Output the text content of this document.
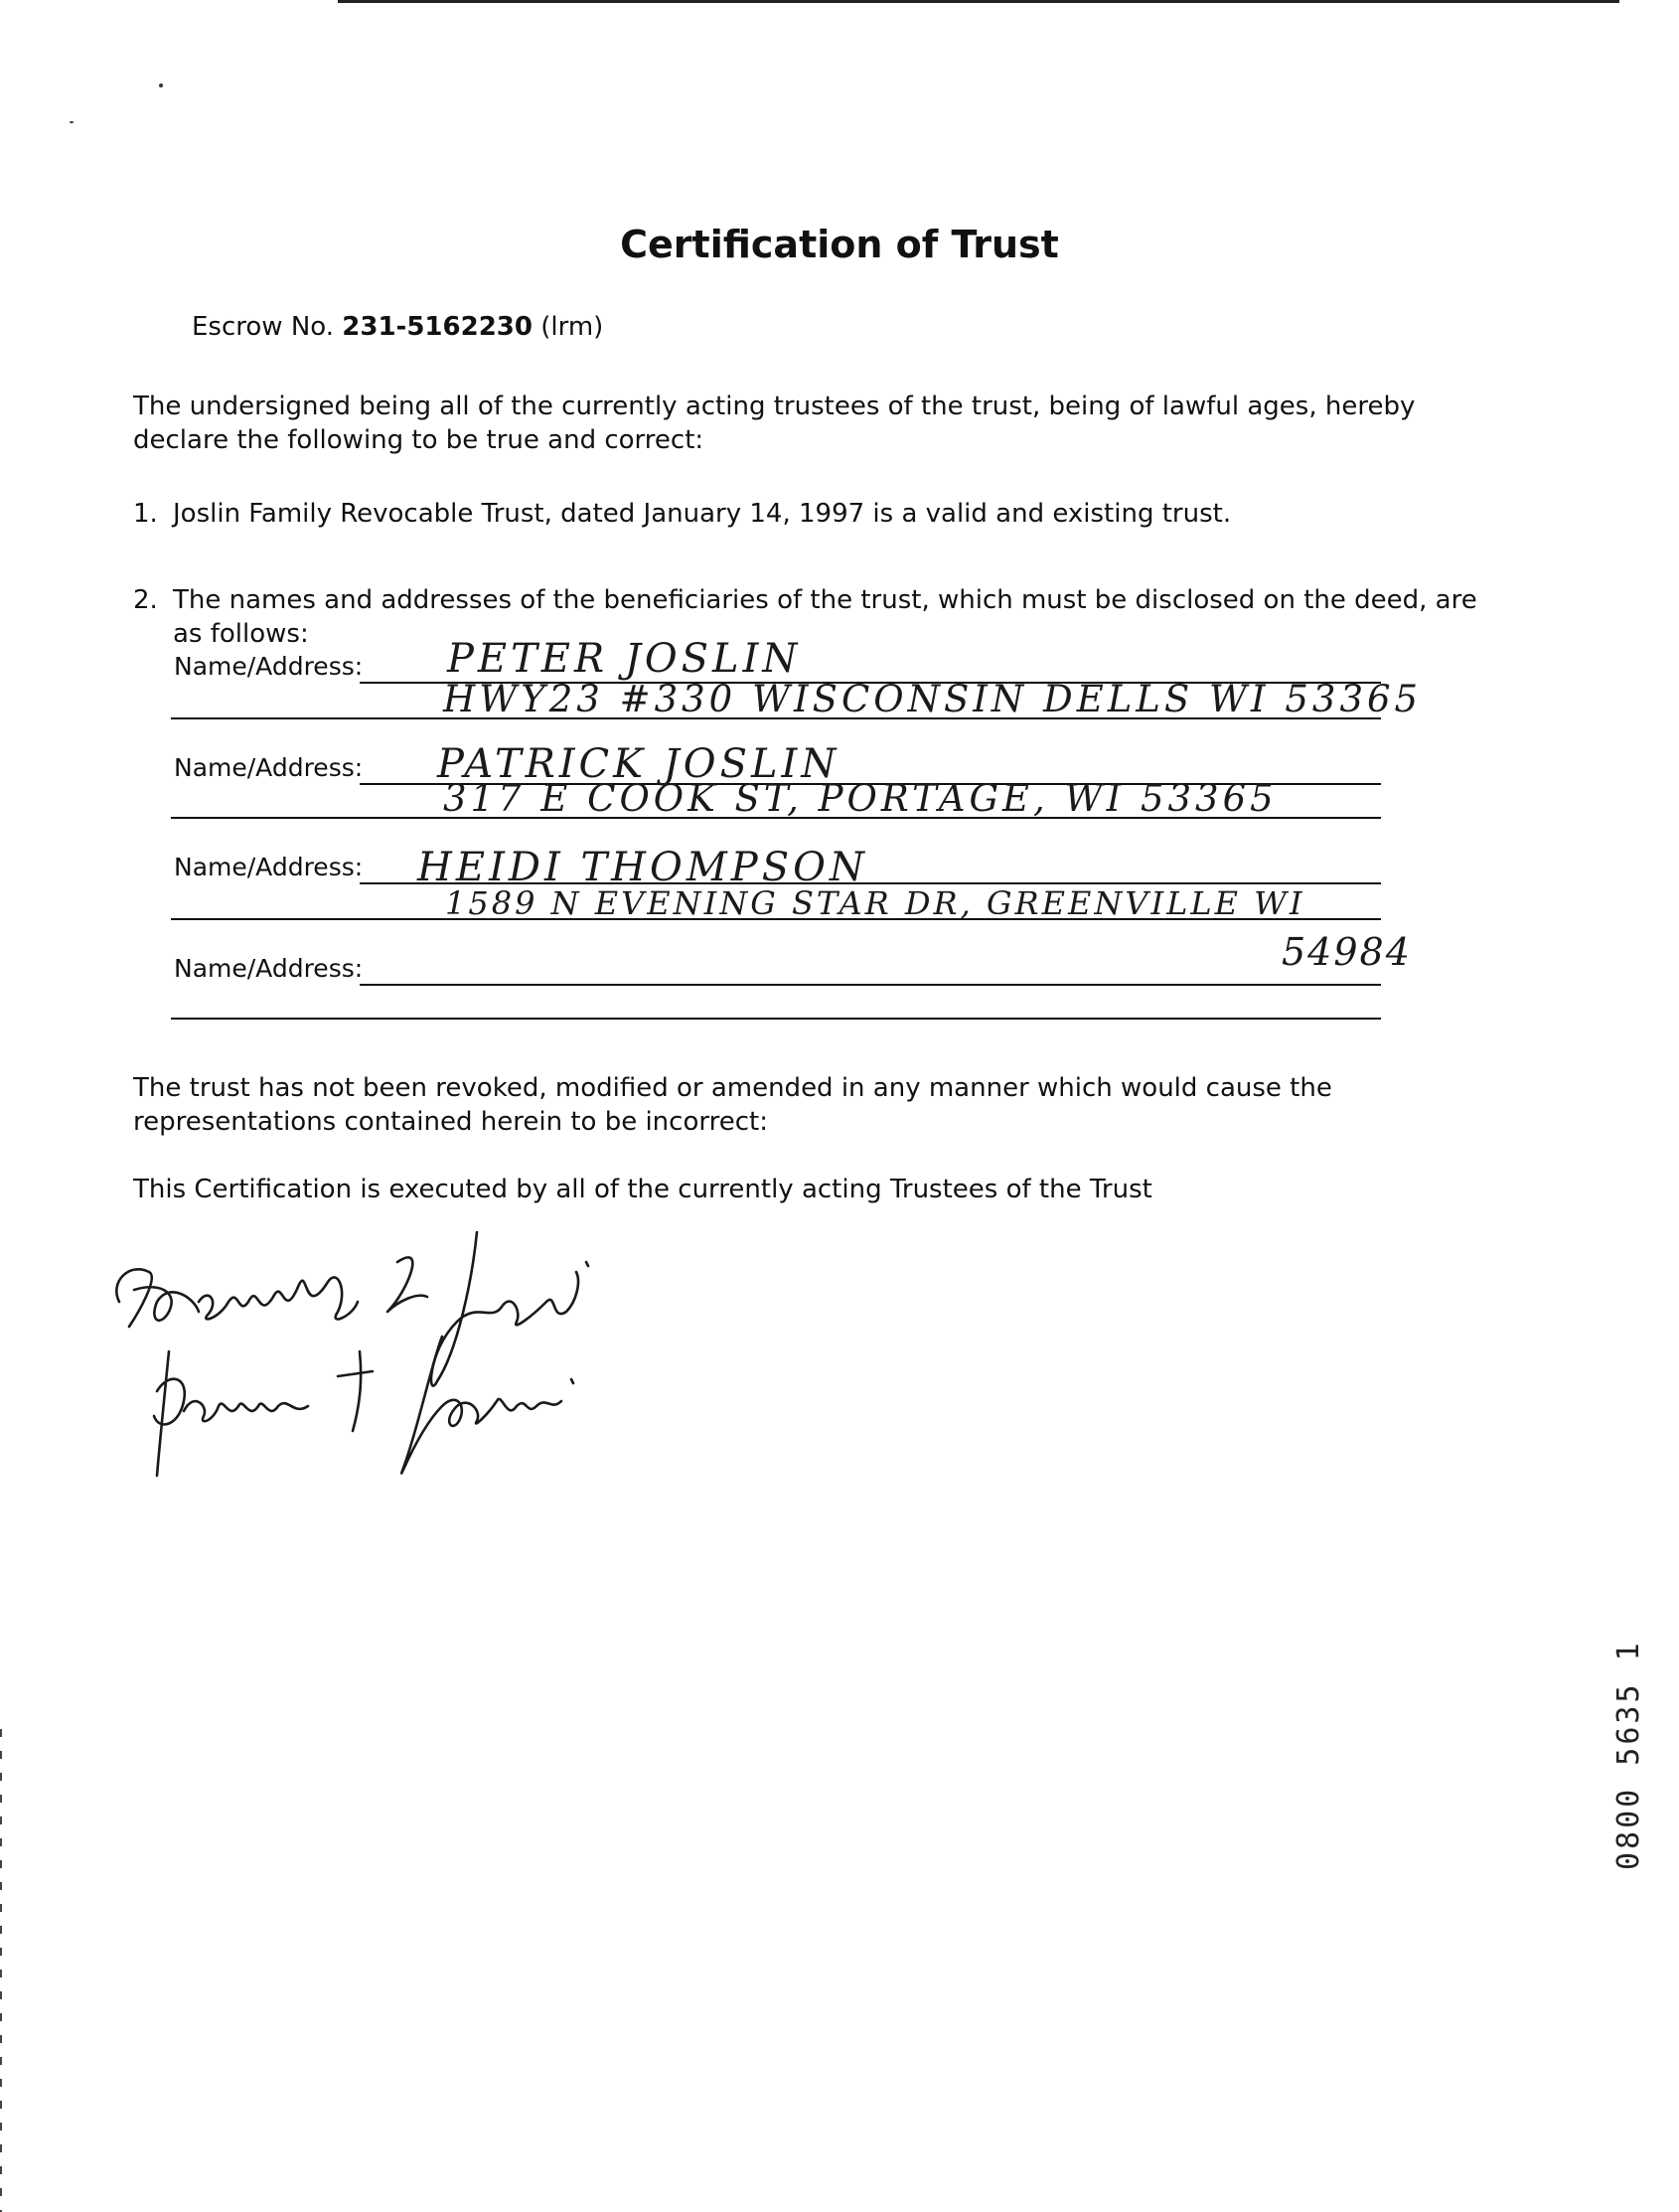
Certification of Trust
Escrow No. 231-5162230 (lrm)
The undersigned being all of the currently acting trustees of the trust, being of lawful ages, hereby declare the following to be true and correct:
1. Joslin Family Revocable Trust, dated January 14, 1997 is a valid and existing trust.
2. The names and addresses of the beneficiaries of the trust, which must be disclosed on the deed, are as follows:
Name/Address: PETER JOSLIN
HWY23 #330 WISCONSIN DELLS WI 53365
Name/Address: PATRICK JOSLIN
317 E COOK ST, PORTAGE, WI 53365
Name/Address: HEIDI THOMPSON
1589 N EVENING STAR DR, GREENVILLE WI
54984
Name/Address:
The trust has not been revoked, modified or amended in any manner which would cause the representations contained herein to be incorrect:
This Certification is executed by all of the currently acting Trustees of the Trust
0800 5635 1
